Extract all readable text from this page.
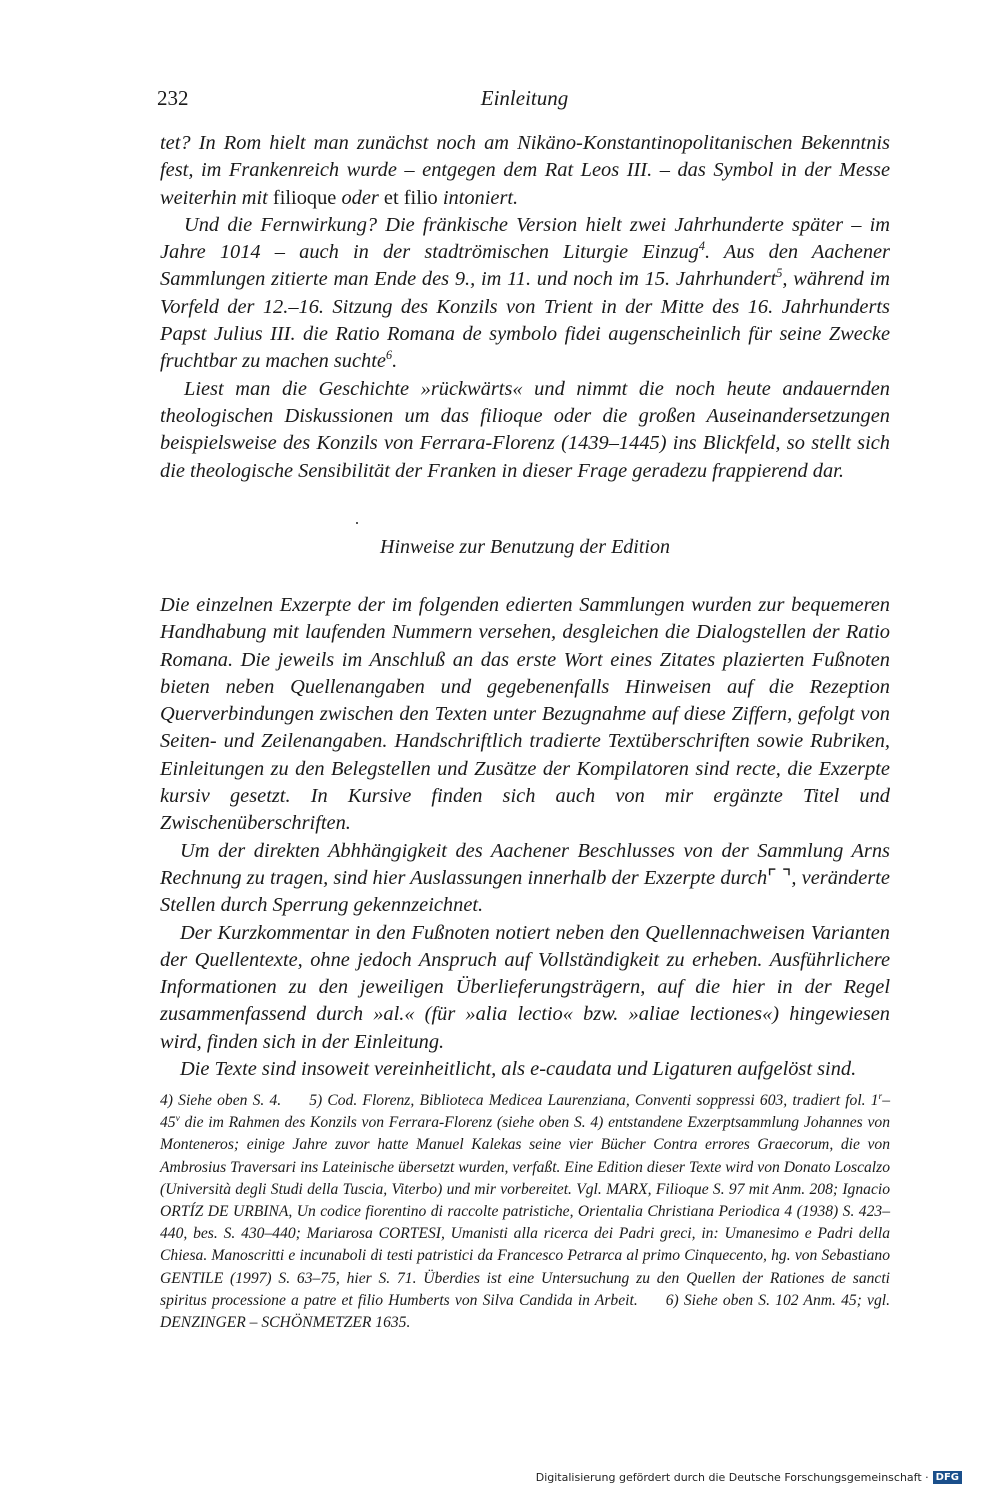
232	Einleitung

tet? In Rom hielt man zunächst noch am Nikäno-Konstantinopolitanischen Bekenntnis fest, im Frankenreich wurde – entgegen dem Rat Leos III. – das Symbol in der Messe weiterhin mit filioque oder et filio intoniert.

Und die Fernwirkung? Die fränkische Version hielt zwei Jahrhunderte später – im Jahre 1014 – auch in der stadtrömischen Liturgie Einzug$^4$. Aus den Aachener Sammlungen zitierte man Ende des 9., im 11. und noch im 15. Jahrhundert$^5$, während im Vorfeld der 12.–16. Sitzung des Konzils von Trient in der Mitte des 16. Jahrhunderts Papst Julius III. die Ratio Romana de symbolo fidei augenscheinlich für seine Zwecke fruchtbar zu machen suchte$^6$.

Liest man die Geschichte »rückwärts« und nimmt die noch heute andauernden theologischen Diskussionen um das filioque oder die großen Auseinandersetzungen beispielsweise des Konzils von Ferrara-Florenz (1439–1445) ins Blickfeld, so stellt sich die theologische Sensibilität der Franken in dieser Frage geradezu frappierend dar.

Hinweise zur Benutzung der Edition

Die einzelnen Exzerpte der im folgenden edierten Sammlungen wurden zur bequemeren Handhabung mit laufenden Nummern versehen, desgleichen die Dialogstellen der Ratio Romana. Die jeweils im Anschluß an das erste Wort eines Zitates plazierten Fußnoten bieten neben Quellenangaben und gegebenenfalls Hinweisen auf die Rezeption Querverbindungen zwischen den Texten unter Bezugnahme auf diese Ziffern, gefolgt von Seiten- und Zeilenangaben. Handschriftlich tradierte Textüberschriften sowie Rubriken, Einleitungen zu den Belegstellen und Zusätze der Kompilatoren sind recte, die Exzerpte kursiv gesetzt. In Kursive finden sich auch von mir ergänzte Titel und Zwischenüberschriften.

Um der direkten Abhhängigkeit des Aachener Beschlusses von der Sammlung Arns Rechnung zu tragen, sind hier Auslassungen innerhalb der Exzerpte durch⌜ ⌝, veränderte Stellen durch Sperrung gekennzeichnet.

Der Kurzkommentar in den Fußnoten notiert neben den Quellennachweisen Varianten der Quellentexte, ohne jedoch Anspruch auf Vollständigkeit zu erheben. Ausführlichere Informationen zu den jeweiligen Überlieferungsträgern, auf die hier in der Regel zusammenfassend durch »al.« (für »alia lectio« bzw. »aliae lectiones«) hingewiesen wird, finden sich in der Einleitung.

Die Texte sind insoweit vereinheitlicht, als e-caudata und Ligaturen aufgelöst sind.

4) Siehe oben S. 4. 5) Cod. Florenz, Biblioteca Medicea Laurenziana, Conventi soppressi 603, tradiert fol. 1$^r$–45$^v$ die im Rahmen des Konzils von Ferrara-Florenz (siehe oben S. 4) entstandene Exzerptsammlung Johannes von Monteneros; einige Jahre zuvor hatte Manuel Kalekas seine vier Bücher Contra errores Graecorum, die von Ambrosius Traversari ins Lateinische übersetzt wurden, verfaßt. Eine Edition dieser Texte wird von Donato Loscalzo (Università degli Studi della Tuscia, Viterbo) und mir vorbereitet. Vgl. MARX, Filioque S. 97 mit Anm. 208; Ignacio ORTÍZ DE URBINA, Un codice fiorentino di raccolte patristiche, Orientalia Christiana Periodica 4 (1938) S. 423–440, bes. S. 430–440; Mariarosa CORTESI, Umanisti alla ricerca dei Padri greci, in: Umanesimo e Padri della Chiesa. Manoscritti e incunaboli di testi patristici da Francesco Petrarca al primo Cinquecento, hg. von Sebastiano GENTILE (1997) S. 63–75, hier S. 71. Überdies ist eine Untersuchung zu den Quellen der Rationes de sancti spiritus processione a patre et filio Humberts von Silva Candida in Arbeit. 6) Siehe oben S. 102 Anm. 45; vgl. DENZINGER – SCHÖNMETZER 1635.
Digitalisierung gefördert durch die Deutsche Forschungsgemeinschaft · DFG
